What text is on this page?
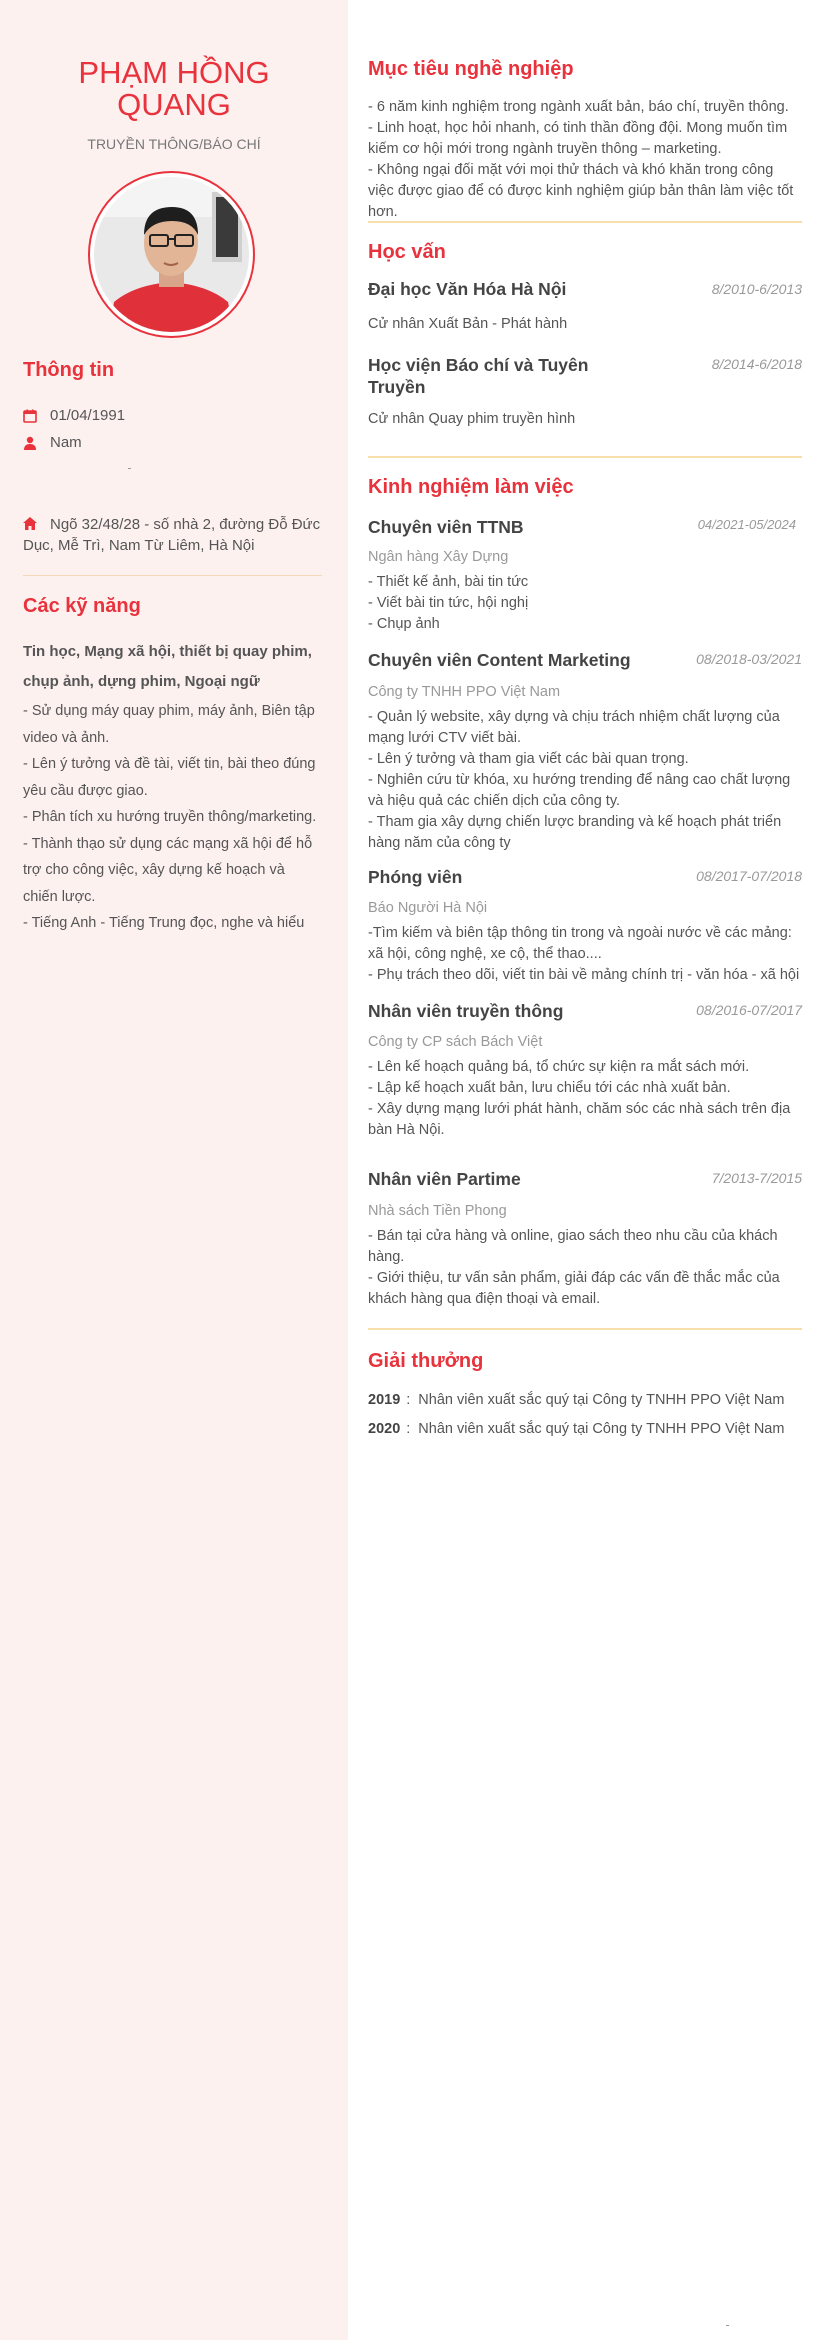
PHẠM HỒNG
QUANG
TRUYỀN THÔNG/BÁO CHÍ
Thông tin
01/04/1991
Nam
Ngõ 32/48/28 - số nhà 2, đường Đỗ Đức Dục, Mễ Trì, Nam Từ Liêm, Hà Nội
Các kỹ năng
Tin học, Mạng xã hội, thiết bị quay phim, chụp ảnh, dựng phim, Ngoại ngữ
- Sử dụng máy quay phim, máy ảnh, Biên tập video và ảnh.
- Lên ý tưởng và đề tài, viết tin, bài theo đúng yêu cầu được giao.
- Phân tích xu hướng truyền thông/marketing.
- Thành thạo sử dụng các mạng xã hội để hỗ trợ cho công việc, xây dựng kế hoạch và chiến lược.
- Tiếng Anh - Tiếng Trung đọc, nghe và hiểu
Mục tiêu nghề nghiệp
- 6 năm kinh nghiệm trong ngành xuất bản, báo chí, truyền thông.
- Linh hoạt, học hỏi nhanh, có tinh thần đồng đội. Mong muốn tìm kiếm cơ hội mới trong ngành truyền thông – marketing.
- Không ngại đối mặt với mọi thử thách và khó khăn trong công việc được giao để có được kinh nghiệm giúp bản thân làm việc tốt hơn.
Học vấn
Đại học Văn Hóa Hà Nội	8/2010-6/2013
Cử nhân Xuất Bản - Phát hành
Học viện Báo chí và Tuyên Truyền
8/2014-6/2018
Cử nhân Quay phim truyền hình
Kinh nghiệm làm việc
Chuyên viên TTNB	04/2021-05/2024
Ngân hàng Xây Dựng
- Thiết kế ảnh, bài tin tức
- Viết bài tin tức, hội nghị
- Chụp ảnh
Chuyên viên Content Marketing	08/2018-03/2021
Công ty TNHH PPO Việt Nam
- Quản lý website, xây dựng và chịu trách nhiệm chất lượng của mạng lưới CTV viết bài.
- Lên ý tưởng và tham gia viết các bài quan trọng.
- Nghiên cứu từ khóa, xu hướng trending để nâng cao chất lượng và hiệu quả các chiến dịch của công ty.
- Tham gia xây dựng chiến lược branding và kế hoạch phát triển hàng năm của công ty
Phóng viên	08/2017-07/2018
Báo Người Hà Nội
-Tìm kiếm và biên tập thông tin trong và ngoài nước về các mảng: xã hội, công nghệ, xe cộ, thể thao....
- Phụ trách theo dõi, viết tin bài về mảng chính trị - văn hóa - xã hội
Nhân viên truyền thông	08/2016-07/2017
Công ty CP sách Bách Việt
- Lên kế hoạch quảng bá, tổ chức sự kiện ra mắt sách mới.
- Lập kế hoạch xuất bản, lưu chiểu tới các nhà xuất bản.
- Xây dựng mạng lưới phát hành, chăm sóc các nhà sách trên địa bàn Hà Nội.
Nhân viên Partime	7/2013-7/2015
Nhà sách Tiền Phong
- Bán tại cửa hàng và online, giao sách theo nhu cầu của khách hàng.
- Giới thiệu, tư vấn sản phẩm, giải đáp các vấn đề thắc mắc của khách hàng qua điện thoại và email.
Giải thưởng
2019 : Nhân viên xuất sắc quý tại Công ty TNHH PPO Việt Nam
2020 : Nhân viên xuất sắc quý tại Công ty TNHH PPO Việt Nam
